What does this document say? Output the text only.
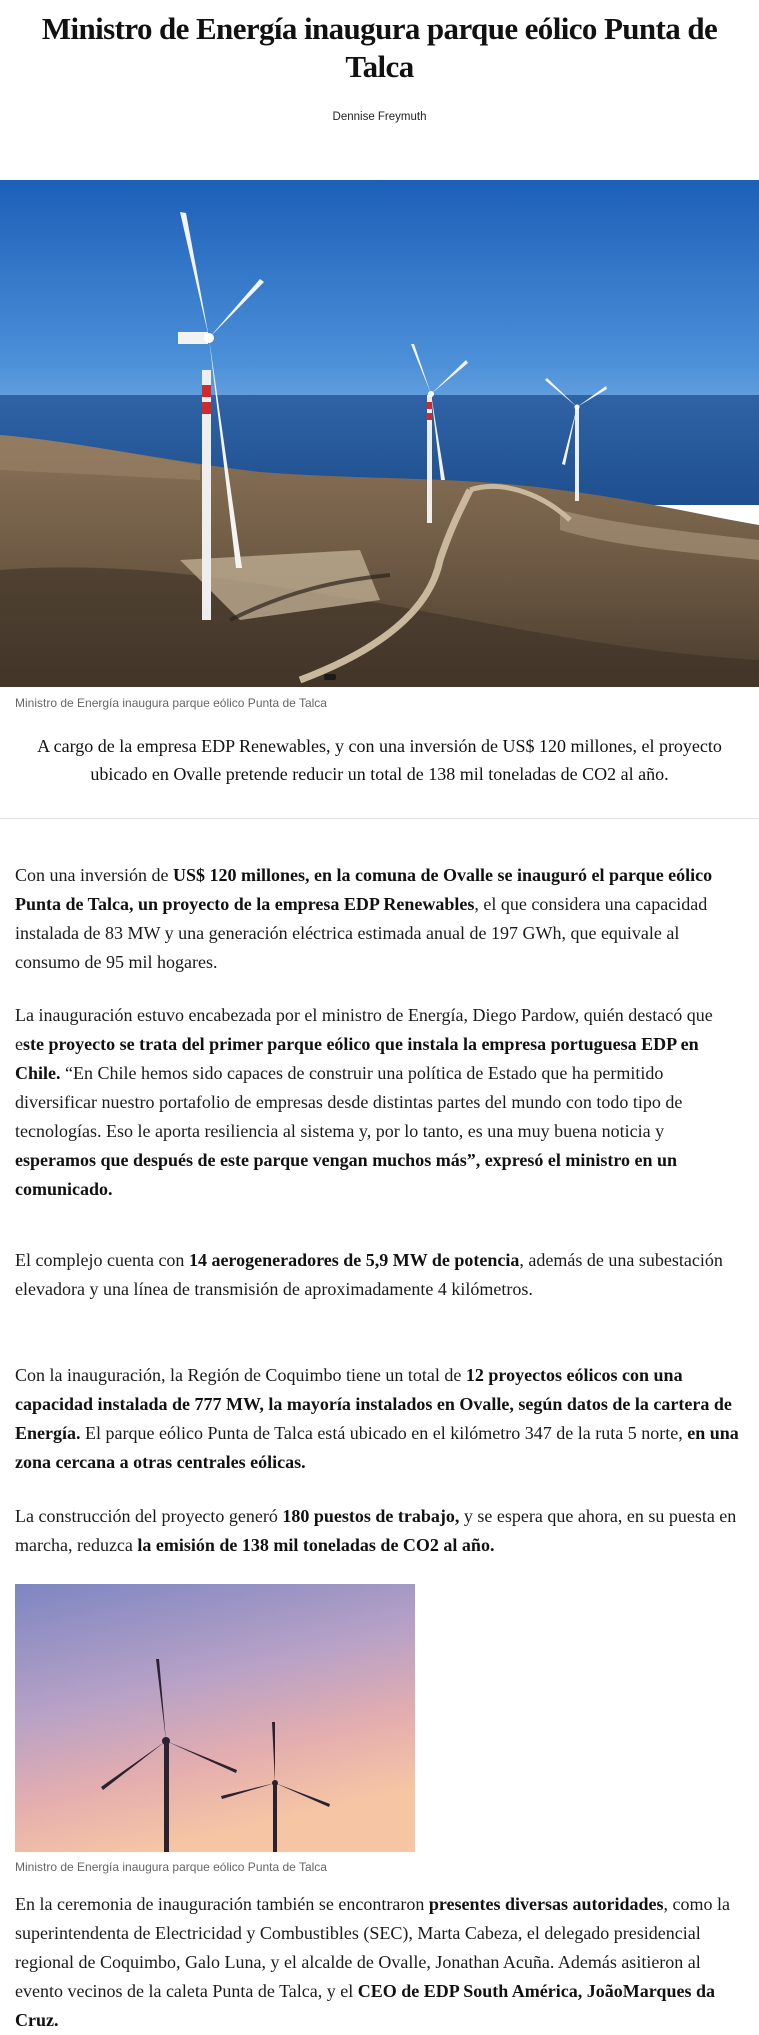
Ministro de Energía inaugura parque eólico Punta de Talca
Dennise Freymuth
Ministro de Energía inaugura parque eólico Punta de Talca
A cargo de la empresa EDP Renewables, y con una inversión de US$ 120 millones, el proyecto ubicado en Ovalle pretende reducir un total de 138 mil toneladas de CO2 al año.

Con una inversión de US$ 120 millones, en la comuna de Ovalle se inauguró el parque eólico Punta de Talca, un proyecto de la empresa EDP Renewables, el que considera una capacidad instalada de 83 MW y una generación eléctrica estimada anual de 197 GWh, que equivale al consumo de 95 mil hogares.

La inauguración estuvo encabezada por el ministro de Energía, Diego Pardow, quién destacó que este proyecto se trata del primer parque eólico que instala la empresa portuguesa EDP en Chile. “En Chile hemos sido capaces de construir una política de Estado que ha permitido diversificar nuestro portafolio de empresas desde distintas partes del mundo con todo tipo de tecnologías. Eso le aporta resiliencia al sistema y, por lo tanto, es una muy buena noticia y esperamos que después de este parque vengan muchos más”, expresó el ministro en un comunicado.

El complejo cuenta con 14 aerogeneradores de 5,9 MW de potencia, además de una subestación elevadora y una línea de transmisión de aproximadamente 4 kilómetros.

Con la inauguración, la Región de Coquimbo tiene un total de 12 proyectos eólicos con una capacidad instalada de 777 MW, la mayoría instalados en Ovalle, según datos de la cartera de Energía. El parque eólico Punta de Talca está ubicado en el kilómetro 347 de la ruta 5 norte, en una zona cercana a otras centrales eólicas.

La construcción del proyecto generó 180 puestos de trabajo, y se espera que ahora, en su puesta en marcha, reduzca la emisión de 138 mil toneladas de CO2 al año.

Ministro de Energía inaugura parque eólico Punta de Talca

En la ceremonia de inauguración también se encontraron presentes diversas autoridades, como la superintendenta de Electricidad y Combustibles (SEC), Marta Cabeza, el delegado presidencial regional de Coquimbo, Galo Luna, y el alcalde de Ovalle, Jonathan Acuña. Además asitieron al evento vecinos de la caleta Punta de Talca, y el CEO de EDP South América, JoãoMarques da Cruz.
